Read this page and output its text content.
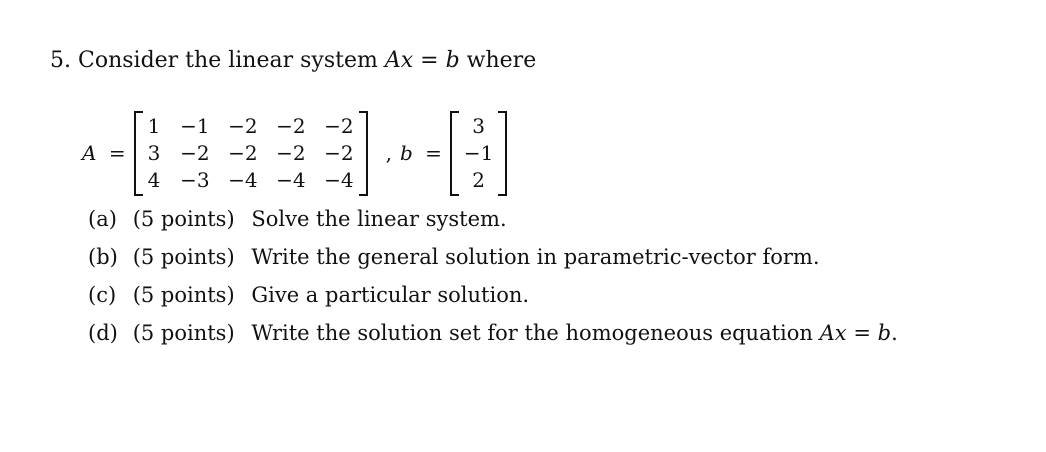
5. Consider the linear system Ax = b where
A =
1	−1	−2	−2	−2
3	−2	−2	−2	−2
4	−3	−4	−4	−4
, b =
3
−1
2
(a) (5 points) Solve the linear system.
(b) (5 points) Write the general solution in parametric-vector form.
(c) (5 points) Give a particular solution.
(d) (5 points) Write the solution set for the homogeneous equation Ax = b.
